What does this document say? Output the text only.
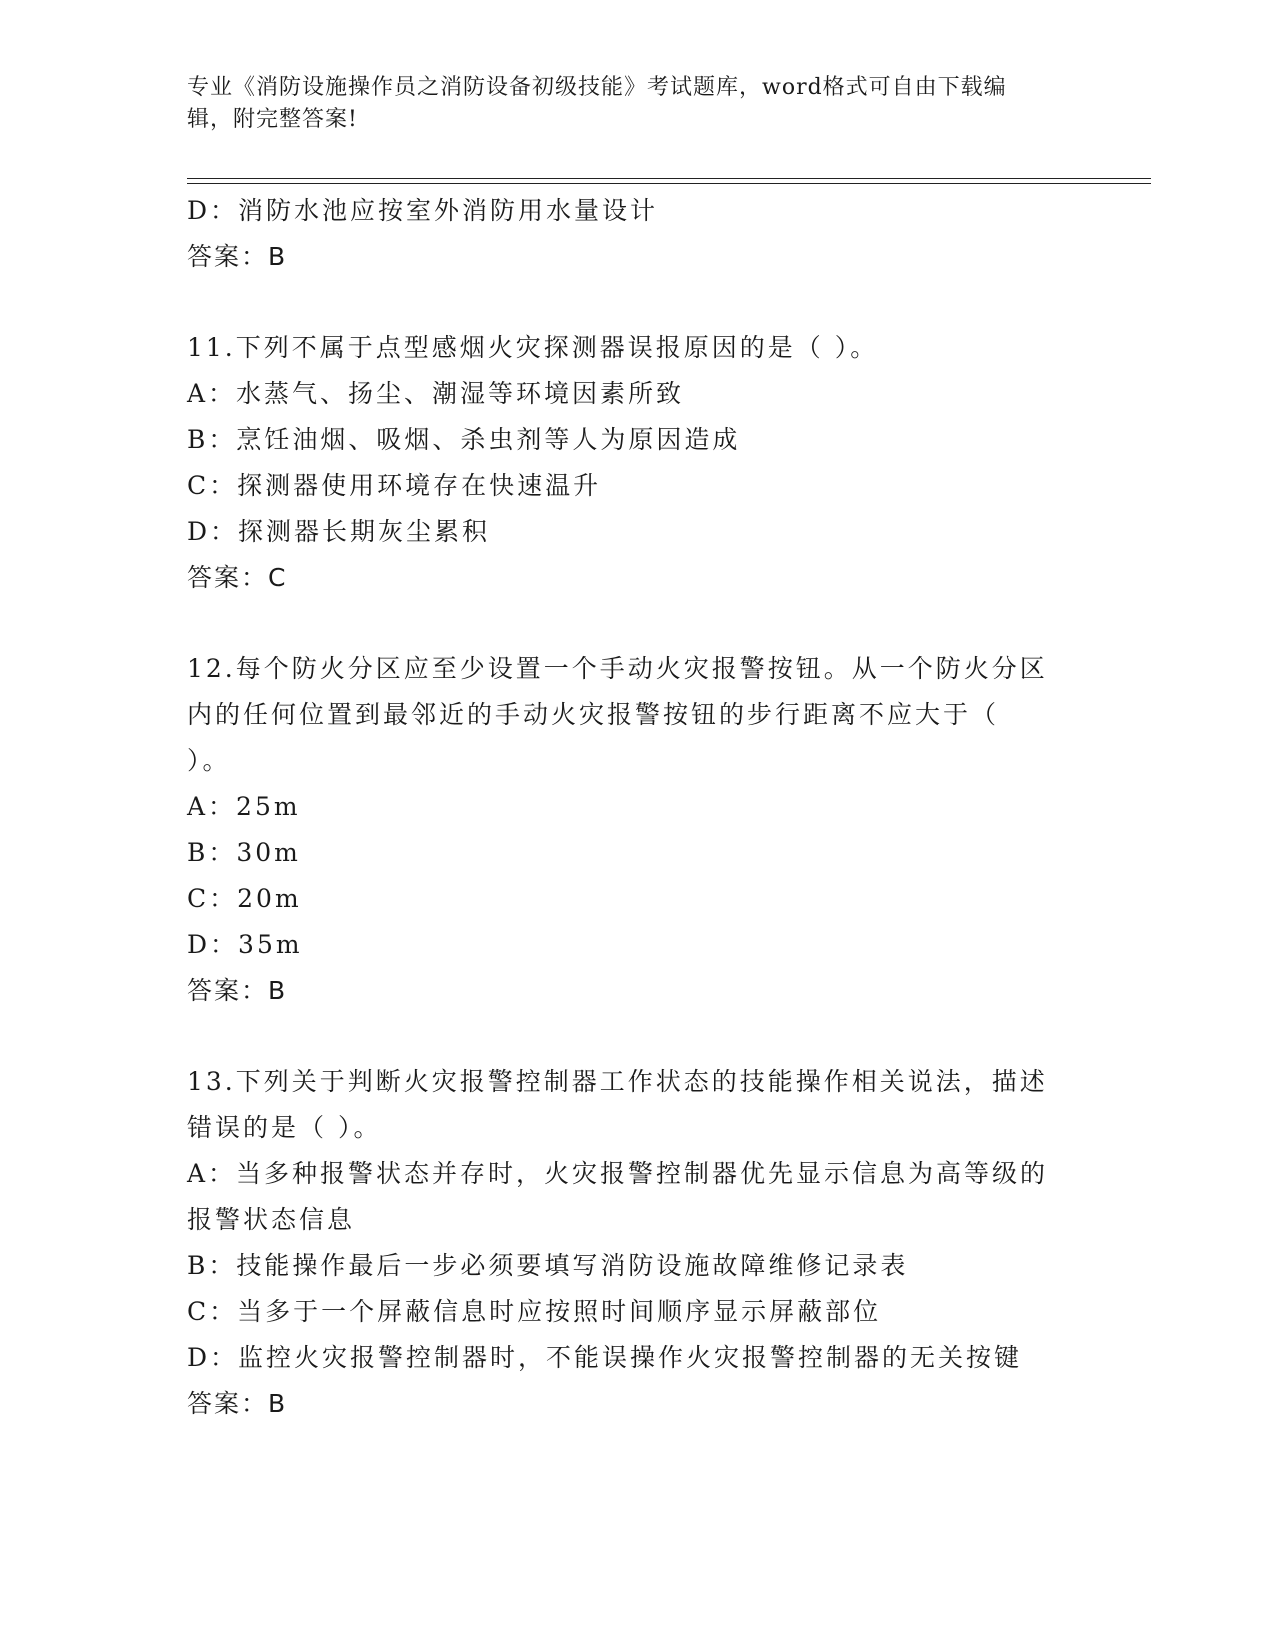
专业《消防设施操作员之消防设备初级技能》考试题库，word格式可自由下载编
辑，附完整答案!
D：消防水池应按室外消防用水量设计
答案：B
11.下列不属于点型感烟火灾探测器误报原因的是（ ）。
A：水蒸气、扬尘、潮湿等环境因素所致
B：烹饪油烟、吸烟、杀虫剂等人为原因造成
C：探测器使用环境存在快速温升
D：探测器长期灰尘累积
答案：C
12.每个防火分区应至少设置一个手动火灾报警按钮。从一个防火分区
内的任何位置到最邻近的手动火灾报警按钮的步行距离不应大于（
）。
A：25m
B：30m
C：20m
D：35m
答案：B
13.下列关于判断火灾报警控制器工作状态的技能操作相关说法，描述
错误的是（ ）。
A：当多种报警状态并存时，火灾报警控制器优先显示信息为高等级的
报警状态信息
B：技能操作最后一步必须要填写消防设施故障维修记录表
C：当多于一个屏蔽信息时应按照时间顺序显示屏蔽部位
D：监控火灾报警控制器时，不能误操作火灾报警控制器的无关按键
答案：B
